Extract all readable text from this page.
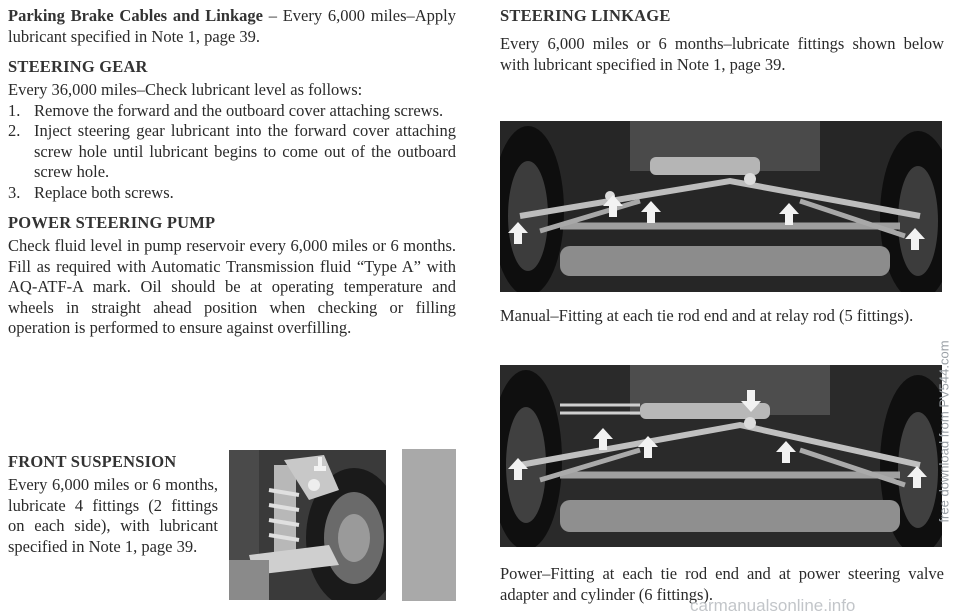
Parking Brake Cables and Linkage – Every 6,000 miles–Apply lubricant specified in Note 1, page 39.

STEERING GEAR

Every 36,000 miles–Check lubricant level as follows:

1. Remove the forward and the outboard cover attaching screws.
2. Inject steering gear lubricant into the forward cover attaching screw hole until lubricant begins to come out of the outboard screw hole.
3. Replace both screws.
POWER STEERING PUMP

Check fluid level in pump reservoir every 6,000 miles or 6 months. Fill as required with Automatic Transmission fluid “Type A” with AQ-ATF-A mark. Oil should be at operating temperature and wheels in straight ahead position when checking or filling operation is performed to ensure against overfilling.

FRONT SUSPENSION

Every 6,000 miles or 6 months, lubricate 4 fittings (2 fittings on each side), with lubricant specified in Note 1, page 39.

STEERING LINKAGE

Every 6,000 miles or 6 months–lubricate fittings shown below with lubricant specified in Note 1, page 39.

Manual–Fitting at each tie rod end and at relay rod (5 fittings).

Power–Fitting at each tie rod end and at power steering valve adapter and cylinder (6 fittings).

free download from PV544.com
carmanualsonline.info
